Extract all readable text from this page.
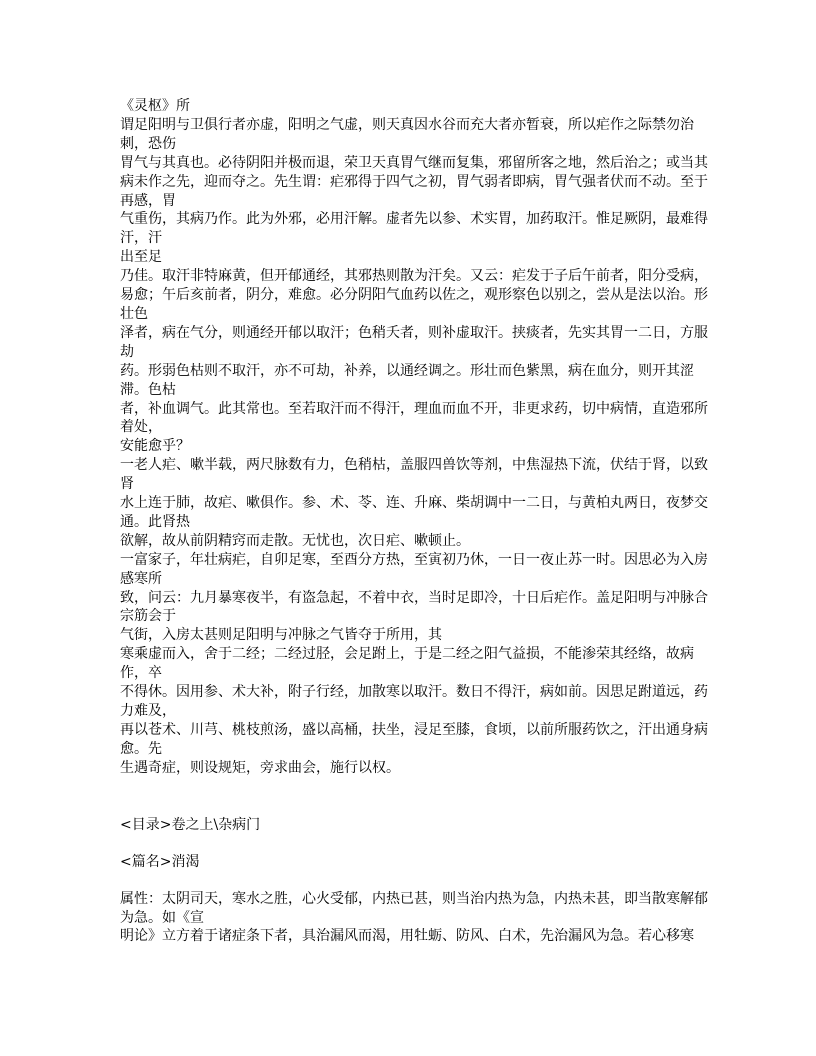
《灵枢》所
谓足阳明与卫俱行者亦虚，阳明之气虚，则天真因水谷而充大者亦暂衰，所以疟作之际禁勿治刺，恐伤
胃气与其真也。必待阴阳并极而退，荣卫天真胃气继而复集，邪留所客之地，然后治之；或当其
病未作之先，迎而夺之。先生谓：疟邪得于四气之初，胃气弱者即病，胃气强者伏而不动。至于再感，胃
气重伤，其病乃作。此为外邪，必用汗解。虚者先以参、术实胃，加药取汗。惟足厥阴，最难得汗，汗
出至足
乃佳。取汗非特麻黄，但开郁通经，其邪热则散为汗矣。又云：疟发于子后午前者，阳分受病，易愈；午后亥前者，阴分，难愈。必分阴阳气血药以佐之，观形察色以别之，尝从是法以治。形壮色
泽者，病在气分，则通经开郁以取汗；色稍夭者，则补虚取汗。挟痰者，先实其胃一二日，方服劫
药。形弱色枯则不取汗，亦不可劫，补养，以通经调之。形壮而色紫黑，病在血分，则开其涩滞。色枯
者，补血调气。此其常也。至若取汗而不得汗，理血而血不开，非更求药，切中病情，直造邪所着处，
安能愈乎？
一老人疟、嗽半载，两尺脉数有力，色稍枯，盖服四兽饮等剂，中焦湿热下流，伏结于肾，以致肾
水上连于肺，故疟、嗽俱作。参、术、苓、连、升麻、柴胡调中一二日，与黄柏丸两日，夜梦交通。此肾热
欲解，故从前阴精窍而走散。无忧也，次日疟、嗽顿止。
一富家子，年壮病疟，自卯足寒，至酉分方热，至寅初乃休，一日一夜止苏一时。因思必为入房感寒所
致，问云：九月暴寒夜半，有盗急起，不着中衣，当时足即冷，十日后疟作。盖足阳明与冲脉合宗筋会于
气街，入房太甚则足阳明与冲脉之气皆夺于所用，其
寒乘虚而入，舍于二经；二经过胫，会足跗上，于是二经之阳气益损，不能渗荣其经络，故病作，卒
不得休。因用参、术大补，附子行经，加散寒以取汗。数日不得汗，病如前。因思足跗道远，药力难及，
再以苍术、川芎、桃枝煎汤，盛以高桶，扶坐，浸足至膝，食顷，以前所服药饮之，汗出通身病愈。先
生遇奇症，则设规矩，旁求曲会，施行以权。
<目录>卷之上\杂病门
<篇名>消渴
属性：太阴司天，寒水之胜，心火受郁，内热已甚，则当治内热为急，内热未甚，即当散寒解郁为急。如《宣
明论》立方着于诸症条下者，具治漏风而渴，用牡蛎、防风、白术，先治漏风为急。若心移寒
